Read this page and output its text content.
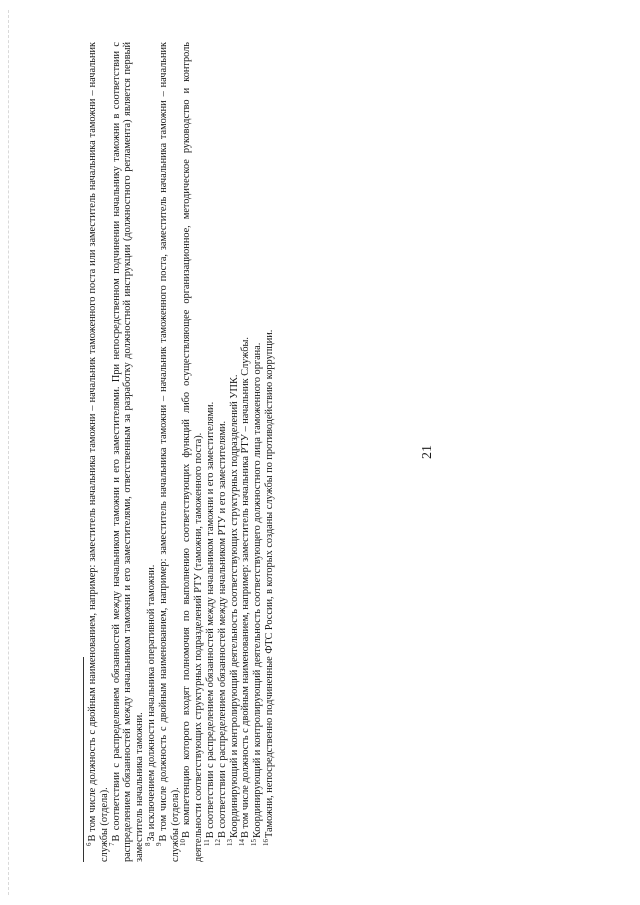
21

$^6$В том числе должность с двойным наименованием, например: заместитель начальника таможни – начальник таможенного поста или заместитель начальника таможни – начальник службы (отдела).

$^7$В соответствии с распределением обязанностей между начальником таможни и его заместителями. При непосредственном подчинении начальнику таможни в соответствии с распределением обязанностей между начальником таможни и его заместителями, ответственным за разработку должностной инструкции (должностного регламента) является первый заместитель начальника таможни.

$^8$За исключением должности начальника оперативной таможни.

$^9$В том числе должность с двойным наименованием, например: заместитель начальника таможни – начальник таможенного поста, заместитель начальника таможни – начальник службы (отдела).

$^{10}$В компетенцию которого входят полномочия по выполнению соответствующих функций либо осуществляющее организационное, методическое руководство и контроль деятельности соответствующих структурных подразделений РТУ (таможни, таможенного поста).

$^{11}$В соответствии с распределением обязанностей между начальником таможни и его заместителями.

$^{12}$В соответствии с распределением обязанностей между начальником РТУ и его заместителями.

$^{13}$Координирующий и контролирующий деятельность соответствующих структурных подразделений УПК.

$^{14}$В том числе должность с двойным наименованием, например: заместитель начальника РТУ – начальник Службы.

$^{15}$Координирующий и контролирующий деятельность соответствующего должностного лица таможенного органа.

$^{16}$Таможни, непосредственно подчиненные ФТС России, в которых созданы службы по противодействию коррупции.
